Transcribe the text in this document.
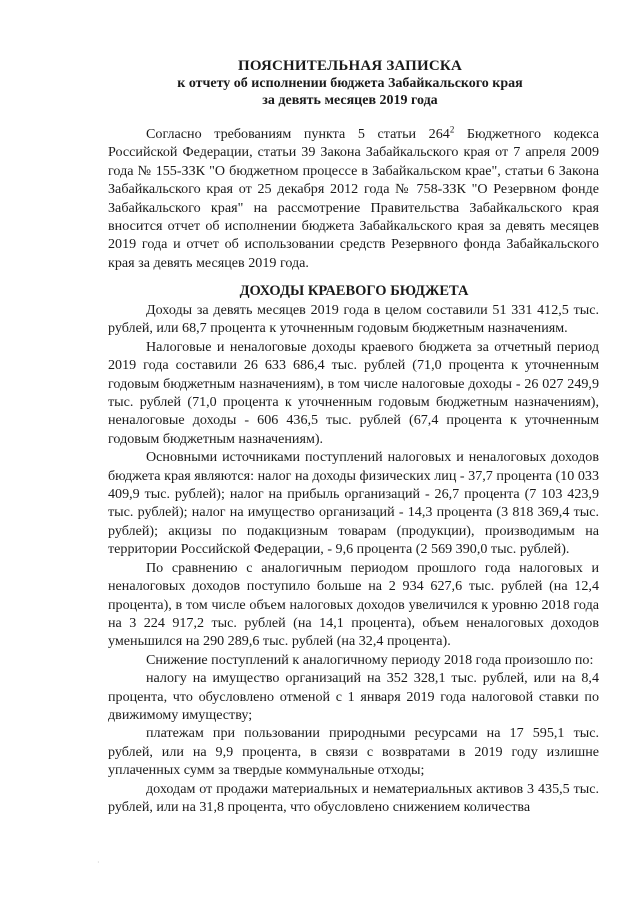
ПОЯСНИТЕЛЬНАЯ ЗАПИСКА
к отчету об исполнении бюджета Забайкальского края
за девять месяцев 2019 года

Согласно требованиям пункта 5 статьи $264^2$ Бюджетного кодекса Российской Федерации, статьи 39 Закона Забайкальского края от 7 апреля 2009 года № 155-ЗЗК "О бюджетном процессе в Забайкальском крае", статьи 6 Закона Забайкальского края от 25 декабря 2012 года № 758-ЗЗК "О Резервном фонде Забайкальского края" на рассмотрение Правительства Забайкальского края вносится отчет об исполнении бюджета Забайкальского края за девять месяцев 2019 года и отчет об использовании средств Резервного фонда Забайкальского края за девять месяцев 2019 года.

ДОХОДЫ КРАЕВОГО БЮДЖЕТА

Доходы за девять месяцев 2019 года в целом составили 51 331 412,5 тыс. рублей, или 68,7 процента к уточненным годовым бюджетным назначениям.

Налоговые и неналоговые доходы краевого бюджета за отчетный период 2019 года составили 26 633 686,4 тыс. рублей (71,0 процента к уточненным годовым бюджетным назначениям), в том числе налоговые доходы - 26 027 249,9 тыс. рублей (71,0 процента к уточненным годовым бюджетным назначениям), неналоговые доходы - 606 436,5 тыс. рублей (67,4 процента к уточненным годовым бюджетным назначениям).

Основными источниками поступлений налоговых и неналоговых доходов бюджета края являются: налог на доходы физических лиц - 37,7 процента (10 033 409,9 тыс. рублей); налог на прибыль организаций - 26,7 процента (7 103 423,9 тыс. рублей); налог на имущество организаций - 14,3 процента (3 818 369,4 тыс. рублей); акцизы по подакцизным товарам (продукции), производимым на территории Российской Федерации, - 9,6 процента (2 569 390,0 тыс. рублей).

По сравнению с аналогичным периодом прошлого года налоговых и неналоговых доходов поступило больше на 2 934 627,6 тыс. рублей (на 12,4 процента), в том числе объем налоговых доходов увеличился к уровню 2018 года на 3 224 917,2 тыс. рублей (на 14,1 процента), объем неналоговых доходов уменьшился на 290 289,6 тыс. рублей (на 32,4 процента).

Снижение поступлений к аналогичному периоду 2018 года произошло по:

налогу на имущество организаций на 352 328,1 тыс. рублей, или на 8,4 процента, что обусловлено отменой с 1 января 2019 года налоговой ставки по движимому имуществу;

платежам при пользовании природными ресурсами на 17 595,1 тыс. рублей, или на 9,9 процента, в связи с возвратами в 2019 году излишне уплаченных сумм за твердые коммунальные отходы;

доходам от продажи материальных и нематериальных активов 3 435,5 тыс. рублей, или на 31,8 процента, что обусловлено снижением количества

·
